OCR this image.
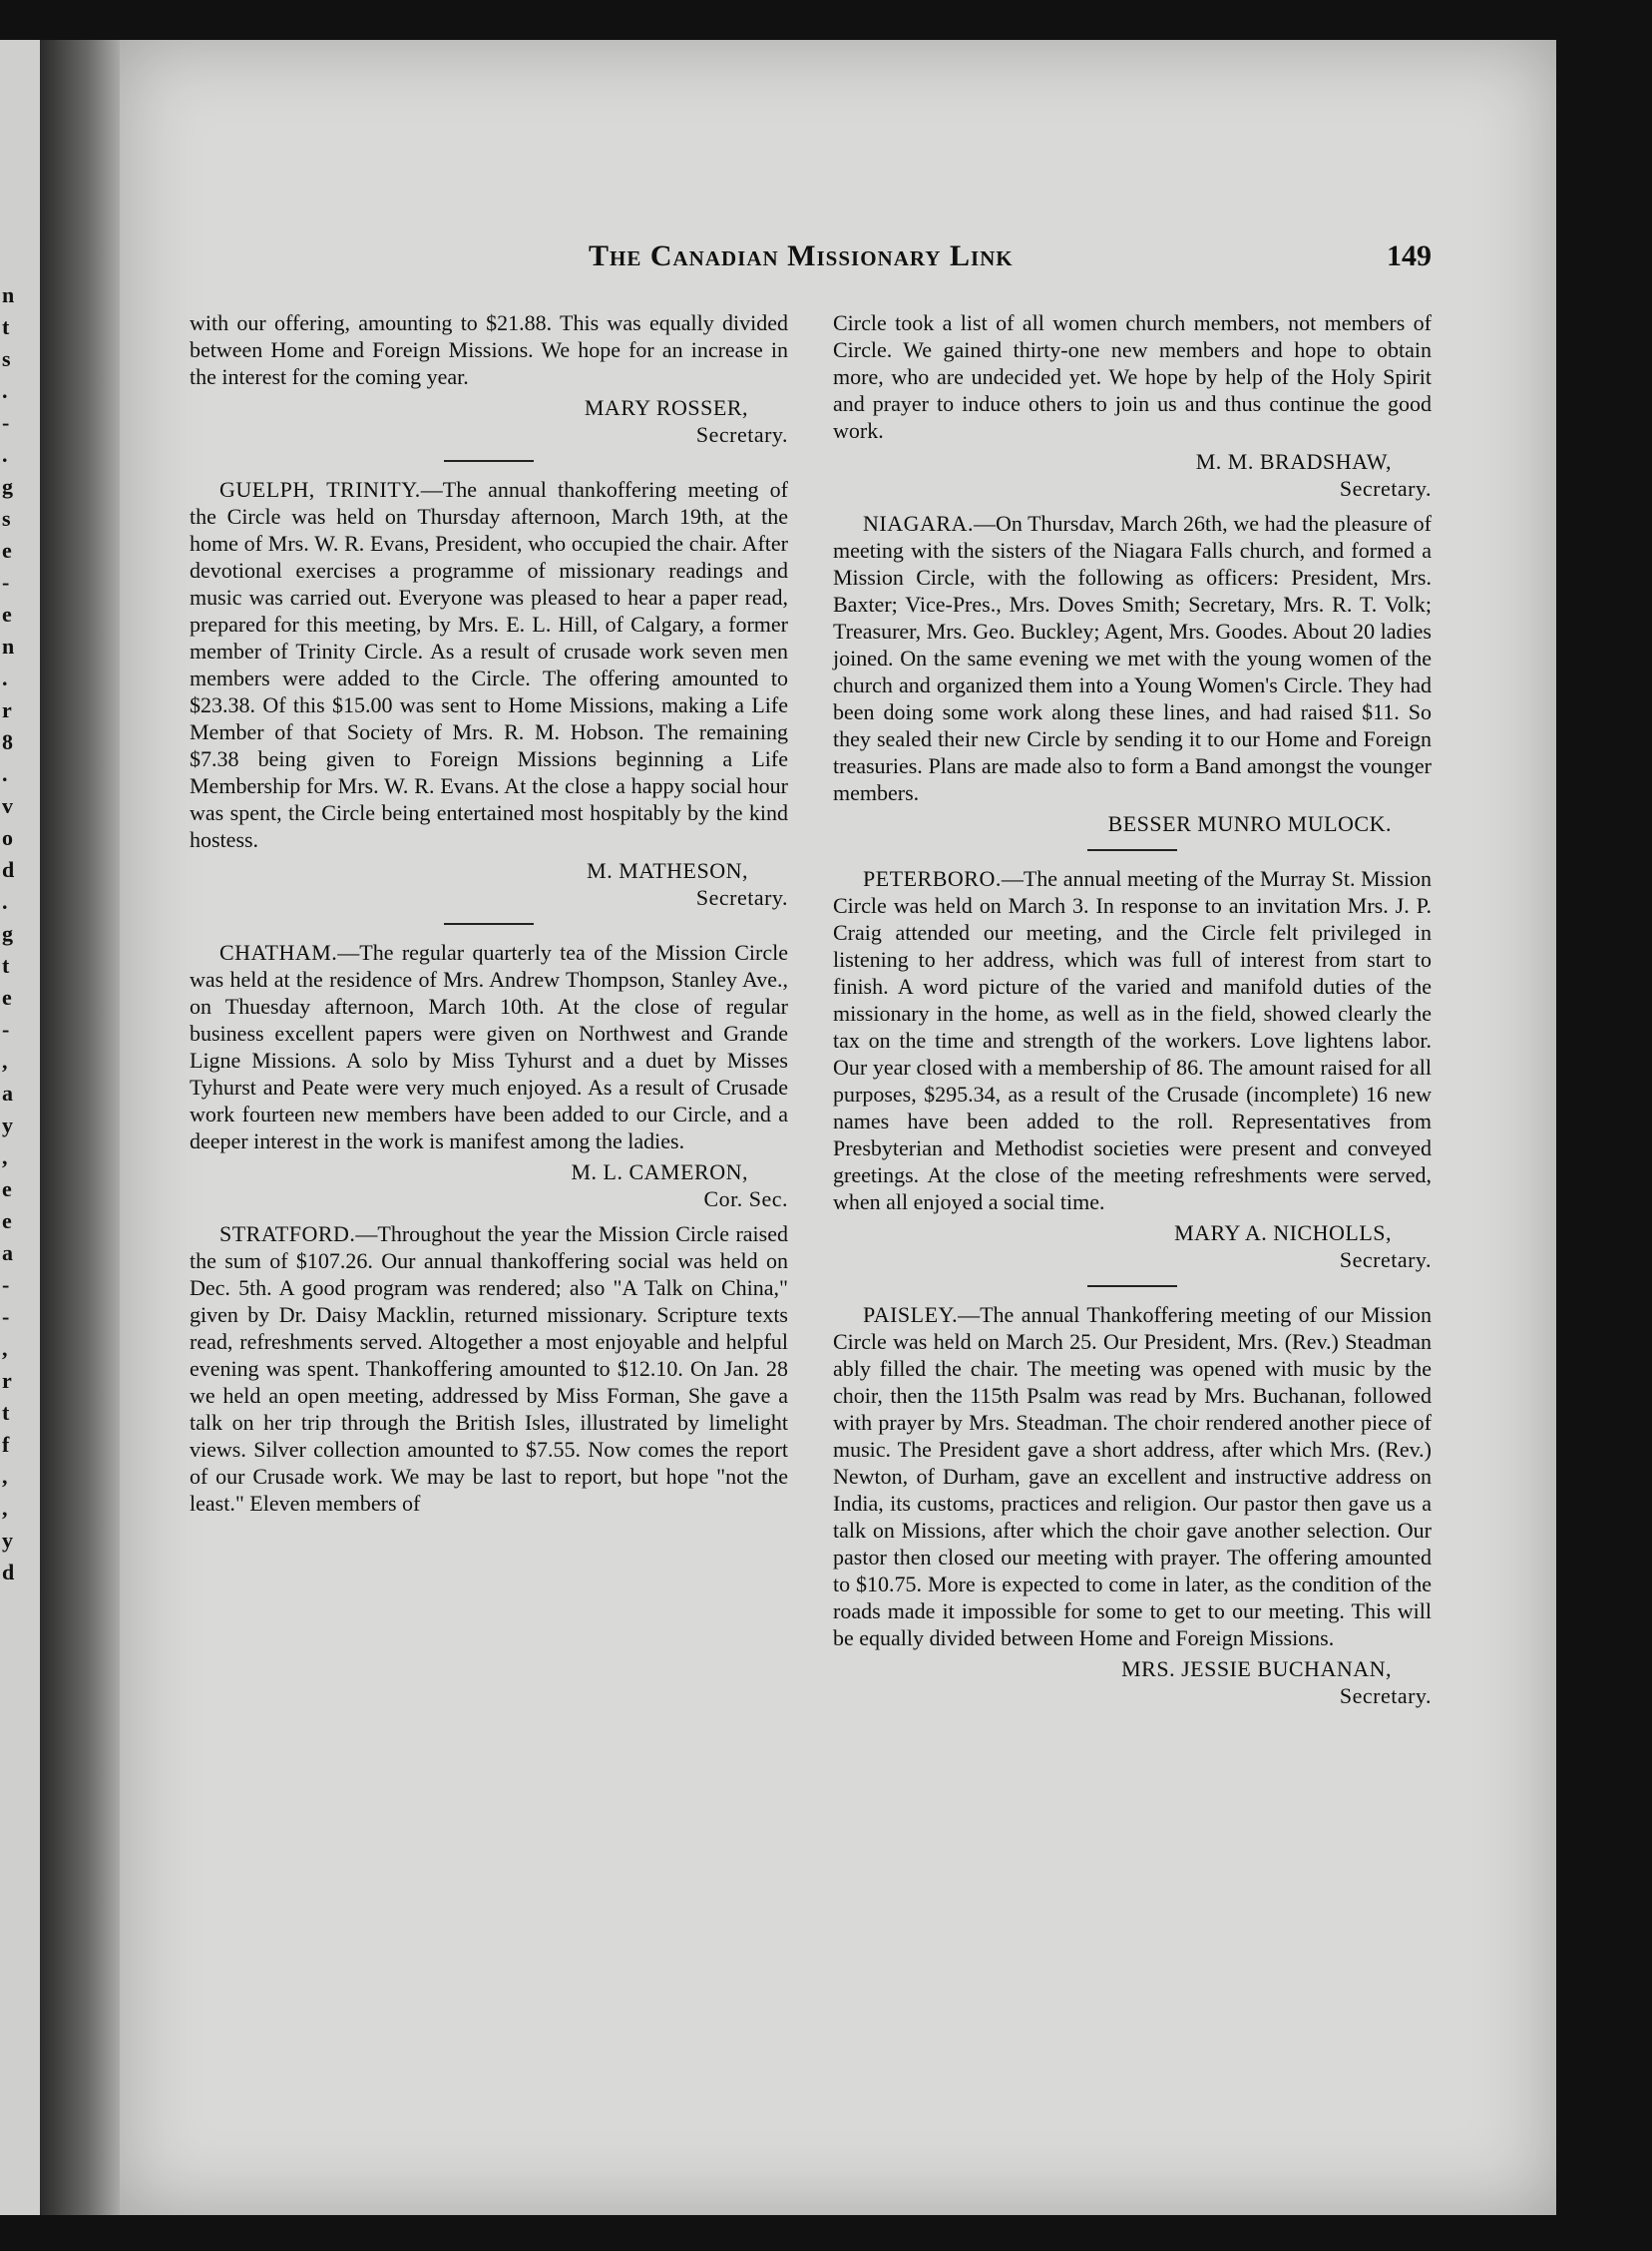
n
t
s
.
-
.
g
s
e
-
e
n
.
r
8
.
v
o
d
.
g
t
e
-
,
a
y
,
e
e
a
-
-
,
r
t
f
,
,
y
d
The Canadian Missionary Link	149

with our offering, amounting to $21.88. This was equally divided between Home and Foreign Missions. We hope for an increase in the interest for the coming year.

MARY ROSSER,
Secretary.

GUELPH, TRINITY.—The annual thankoffering meeting of the Circle was held on Thursday afternoon, March 19th, at the home of Mrs. W. R. Evans, President, who occupied the chair. After devotional exercises a programme of missionary readings and music was carried out. Everyone was pleased to hear a paper read, prepared for this meeting, by Mrs. E. L. Hill, of Calgary, a former member of Trinity Circle. As a result of crusade work seven men members were added to the Circle. The offering amounted to $23.38. Of this $15.00 was sent to Home Missions, making a Life Member of that Society of Mrs. R. M. Hobson. The remaining $7.38 being given to Foreign Missions beginning a Life Membership for Mrs. W. R. Evans. At the close a happy social hour was spent, the Circle being entertained most hospitably by the kind hostess.

M. MATHESON,
Secretary.

CHATHAM.—The regular quarterly tea of the Mission Circle was held at the residence of Mrs. Andrew Thompson, Stanley Ave., on Thuesday afternoon, March 10th. At the close of regular business excellent papers were given on Northwest and Grande Ligne Missions. A solo by Miss Tyhurst and a duet by Misses Tyhurst and Peate were very much enjoyed. As a result of Crusade work fourteen new members have been added to our Circle, and a deeper interest in the work is manifest among the ladies.

M. L. CAMERON,
Cor. Sec.

STRATFORD.—Throughout the year the Mission Circle raised the sum of $107.26. Our annual thankoffering social was held on Dec. 5th. A good program was rendered; also "A Talk on China," given by Dr. Daisy Macklin, returned missionary. Scripture texts read, refreshments served. Altogether a most enjoyable and helpful evening was spent. Thankoffering amounted to $12.10. On Jan. 28 we held an open meeting, addressed by Miss Forman, She gave a talk on her trip through the British Isles, illustrated by limelight views. Silver collection amounted to $7.55. Now comes the report of our Crusade work. We may be last to report, but hope "not the least." Eleven members of

Circle took a list of all women church members, not members of Circle. We gained thirty-one new members and hope to obtain more, who are undecided yet. We hope by help of the Holy Spirit and prayer to induce others to join us and thus continue the good work.

M. M. BRADSHAW,
Secretary.

NIAGARA.—On Thursdav, March 26th, we had the pleasure of meeting with the sisters of the Niagara Falls church, and formed a Mission Circle, with the following as officers: President, Mrs. Baxter; Vice-Pres., Mrs. Doves Smith; Secretary, Mrs. R. T. Volk; Treasurer, Mrs. Geo. Buckley; Agent, Mrs. Goodes. About 20 ladies joined. On the same evening we met with the young women of the church and organized them into a Young Women's Circle. They had been doing some work along these lines, and had raised $11. So they sealed their new Circle by sending it to our Home and Foreign treasuries. Plans are made also to form a Band amongst the vounger members.

BESSER MUNRO MULOCK.

PETERBORO.—The annual meeting of the Murray St. Mission Circle was held on March 3. In response to an invitation Mrs. J. P. Craig attended our meeting, and the Circle felt privileged in listening to her address, which was full of interest from start to finish. A word picture of the varied and manifold duties of the missionary in the home, as well as in the field, showed clearly the tax on the time and strength of the workers. Love lightens labor. Our year closed with a membership of 86. The amount raised for all purposes, $295.34, as a result of the Crusade (incomplete) 16 new names have been added to the roll. Representatives from Presbyterian and Methodist societies were present and conveyed greetings. At the close of the meeting refreshments were served, when all enjoyed a social time.

MARY A. NICHOLLS,
Secretary.

PAISLEY.—The annual Thankoffering meeting of our Mission Circle was held on March 25. Our President, Mrs. (Rev.) Steadman ably filled the chair. The meeting was opened with music by the choir, then the 115th Psalm was read by Mrs. Buchanan, followed with prayer by Mrs. Steadman. The choir rendered another piece of music. The President gave a short address, after which Mrs. (Rev.) Newton, of Durham, gave an excellent and instructive address on India, its customs, practices and religion. Our pastor then gave us a talk on Missions, after which the choir gave another selection. Our pastor then closed our meeting with prayer. The offering amounted to $10.75. More is expected to come in later, as the condition of the roads made it impossible for some to get to our meeting. This will be equally divided between Home and Foreign Missions.

MRS. JESSIE BUCHANAN,
Secretary.
